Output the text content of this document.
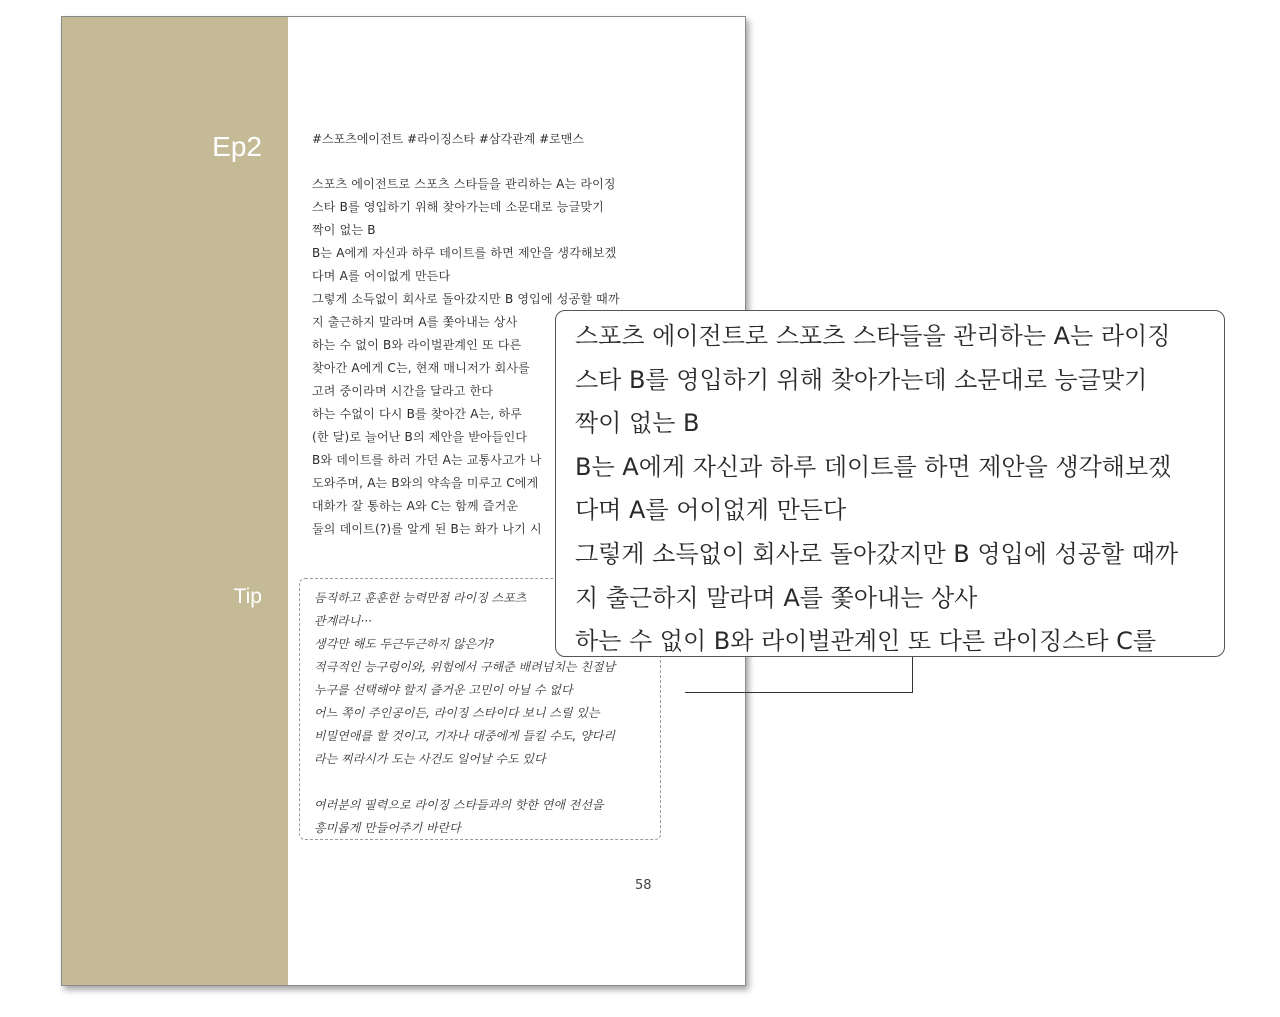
Ep2
Tip
#스포츠에이전트 #라이징스타 #삼각관계 #로맨스
스포츠 에이전트로 스포츠 스타들을 관리하는 A는 라이징
스타 B를 영입하기 위해 찾아가는데 소문대로 능글맞기
짝이 없는 B
B는 A에게 자신과 하루 데이트를 하면 제안을 생각해보겠
다며 A를 어이없게 만든다
그렇게 소득없이 회사로 돌아갔지만 B 영입에 성공할 때까
지 출근하지 말라며 A를 쫓아내는 상사
하는 수 없이 B와 라이벌관계인 또 다른
찾아간 A에게 C는, 현재 매니저가 회사를
고려 중이라며 시간을 달라고 한다
하는 수없이 다시 B를 찾아간 A는, 하루
(한 달)로 늘어난 B의 제안을 받아들인다
B와 데이트를 하러 가던 A는 교통사고가 나
도와주며, A는 B와의 약속을 미루고 C에게
대화가 잘 통하는 A와 C는 함께 즐거운
둘의 데이트(?)를 알게 된 B는 화가 나기 시
듬직하고 훈훈한 능력만점 라이징 스포츠
관계라니···
생각만 해도 두근두근하지 않은가?
적극적인 능구렁이와, 위험에서 구해준 배려넘치는 친절남
누구를 선택해야 할지 즐거운 고민이 아닐 수 없다
어느 쪽이 주인공이든, 라이징 스타이다 보니 스릴 있는
비밀연애를 할 것이고, 기자나 대중에게 들킬 수도, 양다리
라는 찌라시가 도는 사건도 일어날 수도 있다

여러분의 필력으로 라이징 스타들과의 핫한 연애 전선을
흥미롭게 만들어주기 바란다
58
스포츠 에이전트로 스포츠 스타들을 관리하는 A는 라이징
스타 B를 영입하기 위해 찾아가는데 소문대로 능글맞기
짝이 없는 B
B는 A에게 자신과 하루 데이트를 하면 제안을 생각해보겠
다며 A를 어이없게 만든다
그렇게 소득없이 회사로 돌아갔지만 B 영입에 성공할 때까
지 출근하지 말라며 A를 쫓아내는 상사
하는 수 없이 B와 라이벌관계인 또 다른 라이징스타 C를
